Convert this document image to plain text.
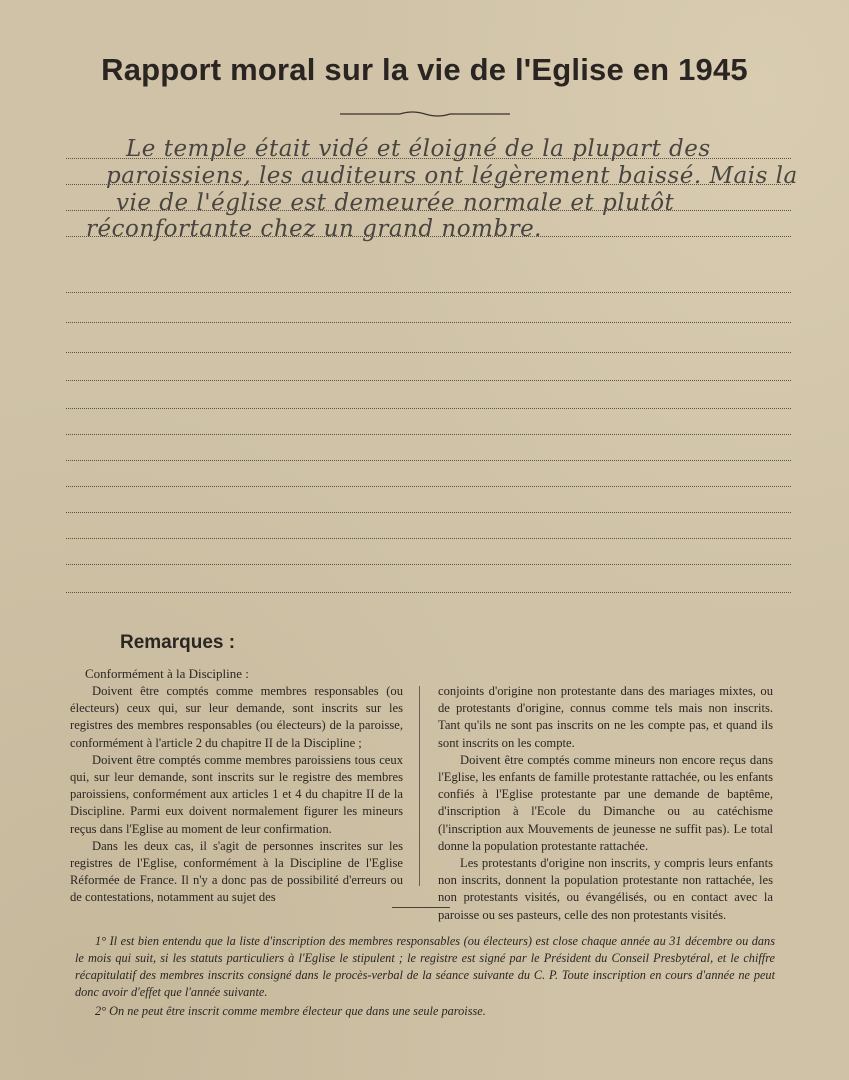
Rapport moral sur la vie de l'Eglise en 1945
Le temple était vidé et éloigné de la plupart des
paroissiens, les auditeurs ont légèrement baissé. Mais la
vie de l'église est demeurée normale et plutôt
réconfortante chez un grand nombre.
Remarques :
Conformément à la Discipline :

Doivent être comptés comme membres responsables (ou électeurs) ceux qui, sur leur demande, sont inscrits sur les registres des membres responsables (ou électeurs) de la paroisse, conformément à l'article 2 du chapitre II de la Discipline ;

Doivent être comptés comme membres paroissiens tous ceux qui, sur leur demande, sont inscrits sur le registre des membres paroissiens, conformément aux articles 1 et 4 du chapitre II de la Discipline. Parmi eux doivent normalement figurer les mineurs reçus dans l'Eglise au moment de leur confirmation.

Dans les deux cas, il s'agit de personnes inscrites sur les registres de l'Eglise, conformément à la Discipline de l'Eglise Réformée de France. Il n'y a donc pas de possibilité d'erreurs ou de contestations, notamment au sujet des

conjoints d'origine non protestante dans des mariages mixtes, ou de protestants d'origine, connus comme tels mais non inscrits. Tant qu'ils ne sont pas inscrits on ne les compte pas, et quand ils sont inscrits on les compte.

Doivent être comptés comme mineurs non encore reçus dans l'Eglise, les enfants de famille protestante rattachée, ou les enfants confiés à l'Eglise protestante par une demande de baptême, d'inscription à l'Ecole du Dimanche ou au catéchisme (l'inscription aux Mouvements de jeunesse ne suffit pas). Le total donne la population protestante rattachée.

Les protestants d'origine non inscrits, y compris leurs enfants non inscrits, donnent la population protestante non rattachée, les non protestants visités, ou évangélisés, ou en contact avec la paroisse ou ses pasteurs, celle des non protestants visités.

1° Il est bien entendu que la liste d'inscription des membres responsables (ou électeurs) est close chaque année au 31 décembre ou dans le mois qui suit, si les statuts particuliers à l'Eglise le stipulent ; le registre est signé par le Président du Conseil Presbytéral, et le chiffre récapitulatif des membres inscrits consigné dans le procès-verbal de la séance suivante du C. P. Toute inscription en cours d'année ne peut donc avoir d'effet que l'année suivante.

2° On ne peut être inscrit comme membre électeur que dans une seule paroisse.
